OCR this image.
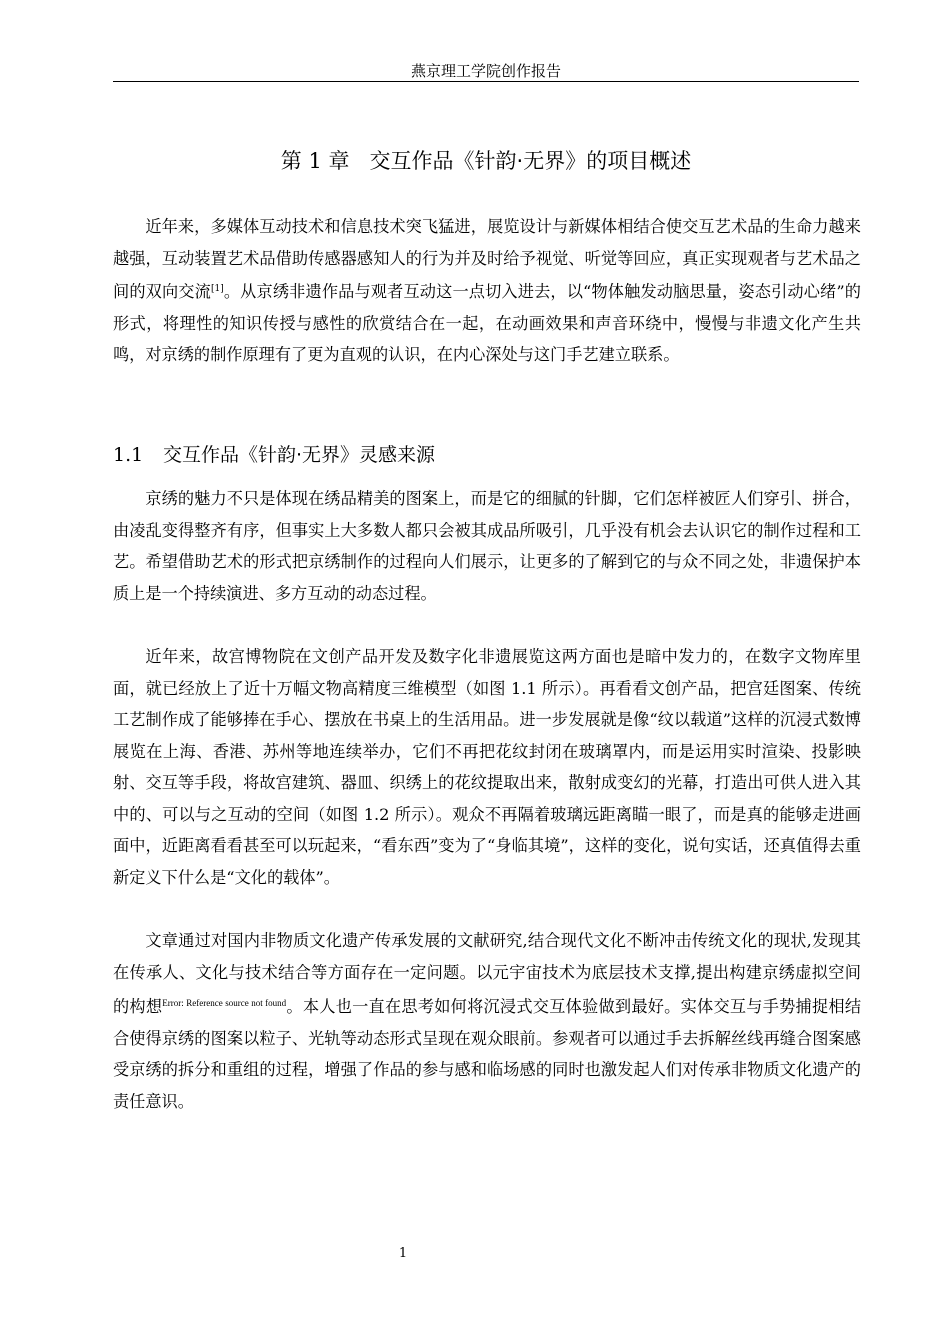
燕京理工学院创作报告
第 1 章 交互作品《针韵·无界》的项目概述

近年来，多媒体互动技术和信息技术突飞猛进，展览设计与新媒体相结合使交互艺术品的生命力越来越强，互动装置艺术品借助传感器感知人的行为并及时给予视觉、听觉等回应，真正实现观者与艺术品之间的双向交流[1]。从京绣非遗作品与观者互动这一点切入进去，以“物体触发动脑思量，姿态引动心绪”的形式，将理性的知识传授与感性的欣赏结合在一起，在动画效果和声音环绕中，慢慢与非遗文化产生共鸣，对京绣的制作原理有了更为直观的认识，在内心深处与这门手艺建立联系。

1.1 交互作品《针韵·无界》灵感来源

京绣的魅力不只是体现在绣品精美的图案上，而是它的细腻的针脚，它们怎样被匠人们穿引、拼合，由凌乱变得整齐有序，但事实上大多数人都只会被其成品所吸引，几乎没有机会去认识它的制作过程和工艺。希望借助艺术的形式把京绣制作的过程向人们展示，让更多的了解到它的与众不同之处，非遗保护本质上是一个持续演进、多方互动的动态过程。

近年来，故宫博物院在文创产品开发及数字化非遗展览这两方面也是暗中发力的，在数字文物库里面，就已经放上了近十万幅文物高精度三维模型（如图 1.1 所示）。再看看文创产品，把宫廷图案、传统工艺制作成了能够捧在手心、摆放在书桌上的生活用品。进一步发展就是像“纹以载道”这样的沉浸式数博展览在上海、香港、苏州等地连续举办，它们不再把花纹封闭在玻璃罩内，而是运用实时渲染、投影映射、交互等手段，将故宫建筑、器皿、织绣上的花纹提取出来，散射成变幻的光幕，打造出可供人进入其中的、可以与之互动的空间（如图 1.2 所示）。观众不再隔着玻璃远距离瞄一眼了，而是真的能够走进画面中，近距离看看甚至可以玩起来，“看东西”变为了“身临其境”，这样的变化，说句实话，还真值得去重新定义下什么是“文化的载体”。

文章通过对国内非物质文化遗产传承发展的文献研究,结合现代文化不断冲击传统文化的现状,发现其在传承人、文化与技术结合等方面存在一定问题。以元宇宙技术为底层技术支撑,提出构建京绣虚拟空间的构想$^{Error: Reference source not found}$。本人也一直在思考如何将沉浸式交互体验做到最好。实体交互与手势捕捉相结合使得京绣的图案以粒子、光轨等动态形式呈现在观众眼前。参观者可以通过手去拆解丝线再缝合图案感受京绣的拆分和重组的过程，增强了作品的参与感和临场感的同时也激发起人们对传承非物质文化遗产的责任意识。

1
